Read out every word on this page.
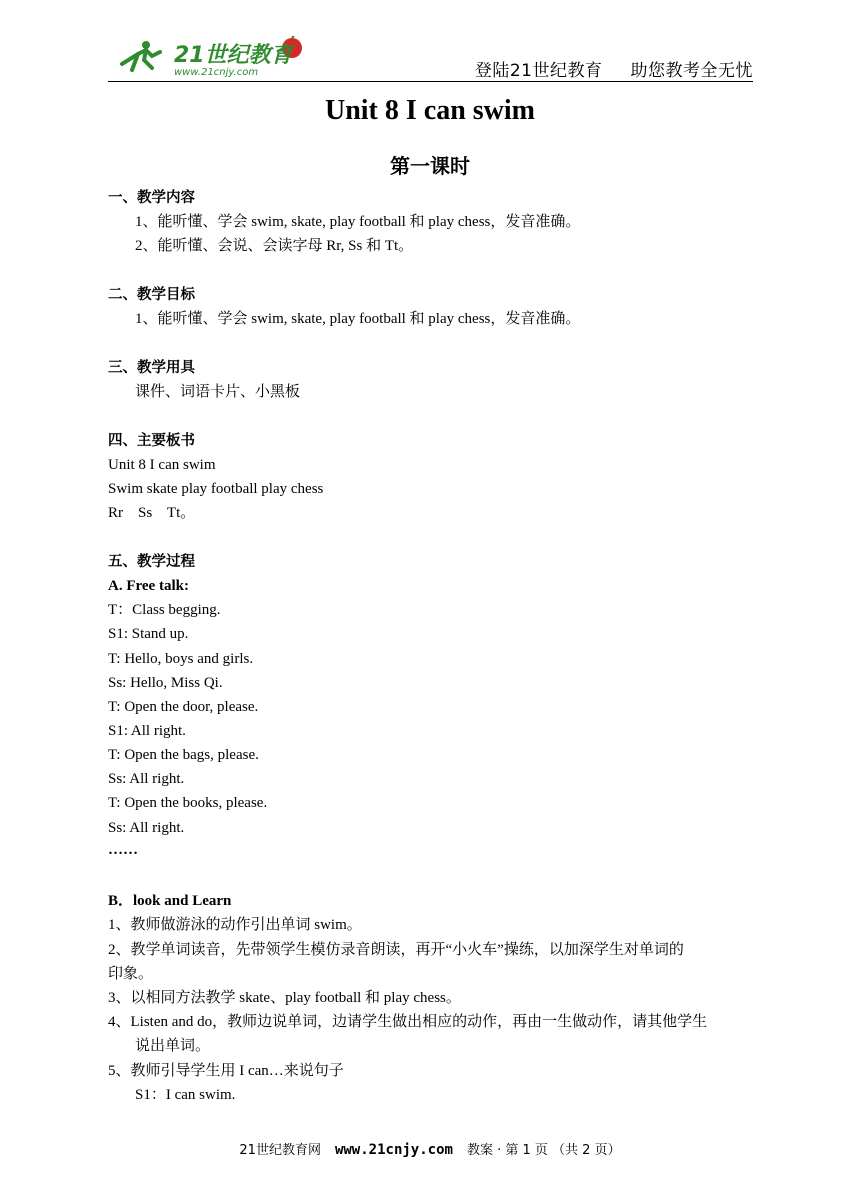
21世纪教育
www.21cnjy.com	登陆21世纪教育 助您教考全无忧
Unit 8 I can swim
第一课时
一、教学内容
1、能听懂、学会 swim, skate, play football 和 play chess，发音准确。
2、能听懂、会说、会读字母 Rr, Ss 和 Tt。
二、教学目标
1、能听懂、学会 swim, skate, play football 和 play chess，发音准确。
三、教学用具
课件、词语卡片、小黑板
四、主要板书
Unit 8 I can swim
Swim skate play football play chess
Rr    Ss    Tt。
五、教学过程
A. Free talk:
T：Class begging.
S1: Stand up.
T: Hello, boys and girls.
Ss: Hello, Miss Qi.
T: Open the door, please.
S1: All right.
T: Open the bags, please.
Ss: All right.
T: Open the books, please.
Ss: All right.
……
B．look and Learn
1、教师做游泳的动作引出单词 swim。
2、教学单词读音，先带领学生模仿录音朗读，再开“小火车”操练，以加深学生对单词的
印象。
3、以相同方法教学 skate、play football 和 play chess。
4、Listen and do，教师边说单词，边请学生做出相应的动作，再由一生做动作，请其他学生
说出单词。
5、教师引导学生用 I can…来说句子
S1：I can swim.
21世纪教育网 www.21cnjy.com 教案 · 第 1 页 （共 2 页）
